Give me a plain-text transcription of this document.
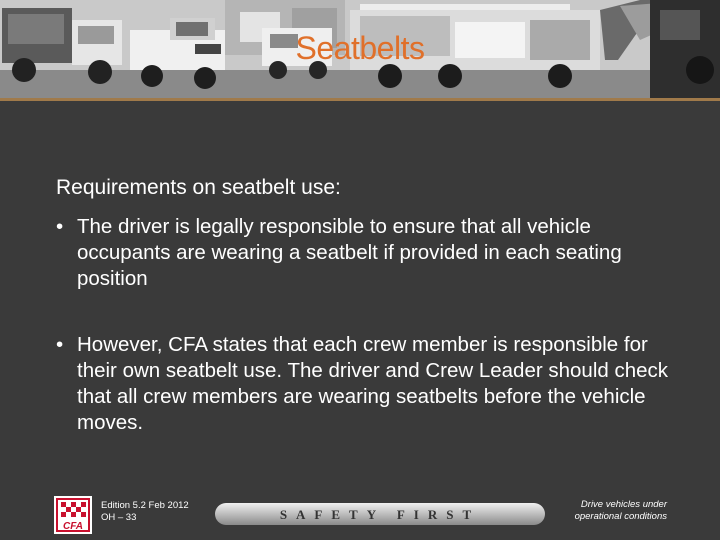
Seatbelts
Requirements on seatbelt use:
• The driver is legally responsible to ensure that all vehicle occupants are wearing a seatbelt if provided in each seating position
• However, CFA states that each crew member is responsible for their own seatbelt use. The driver and Crew Leader should check that all crew members are wearing seatbelts before the vehicle moves.
CFA
Edition 5.2 Feb 2012
OH – 33	SAFETY FIRST
Drive vehicles under
operational conditions
